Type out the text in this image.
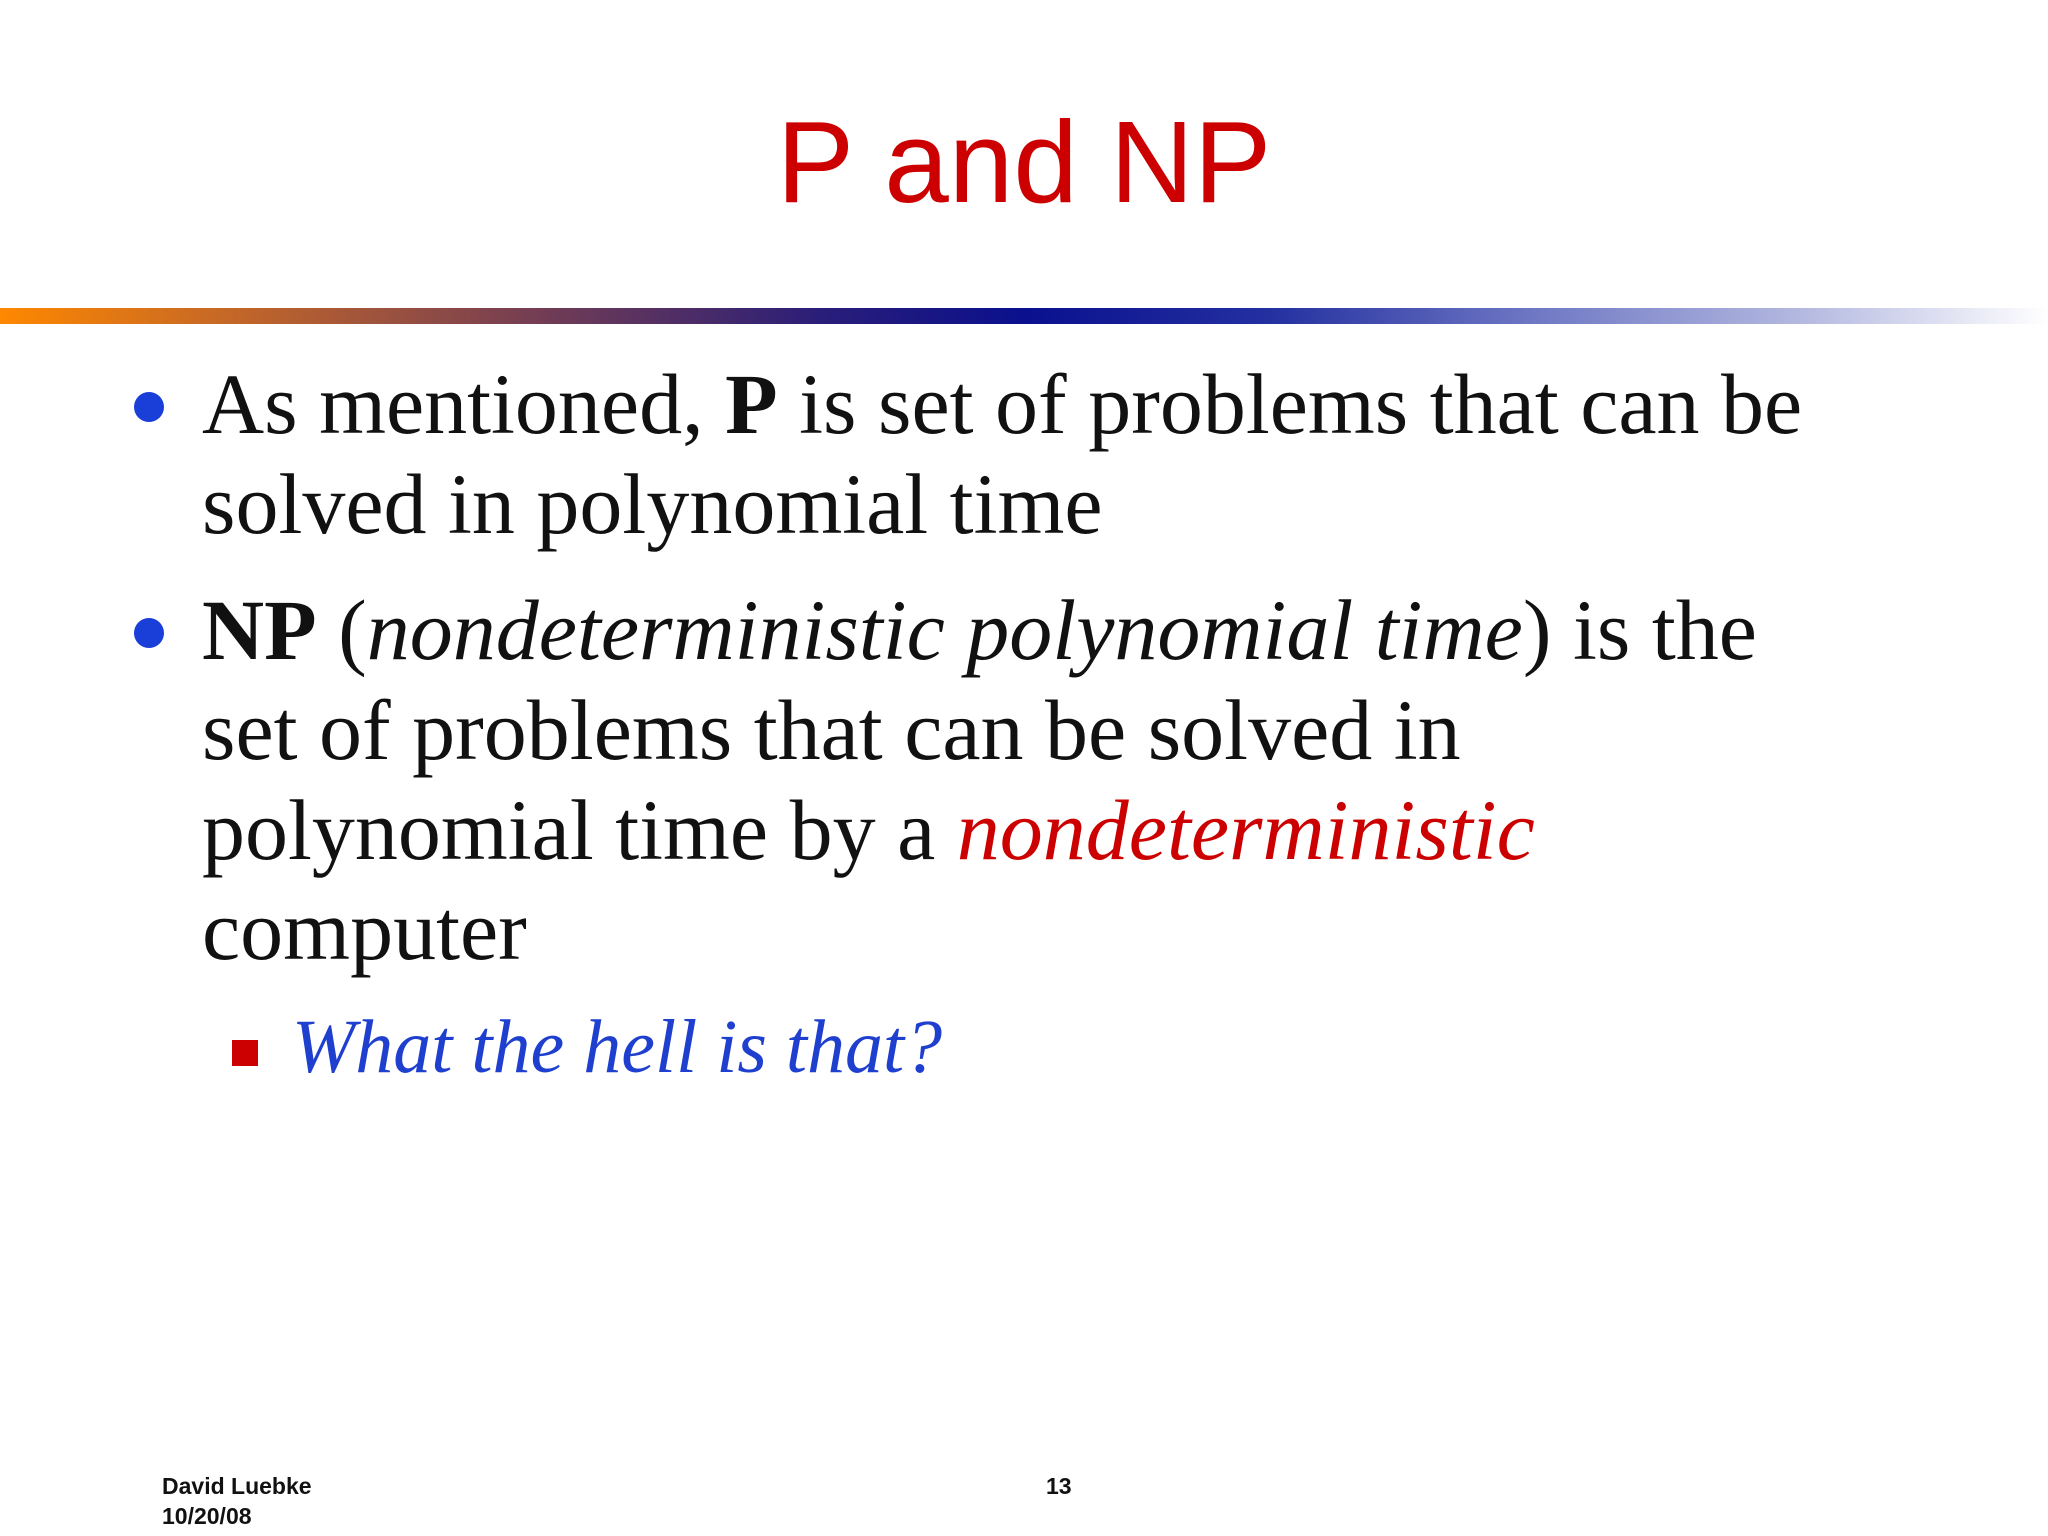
P and NP

As mentioned, P is set of problems that can be
solved in polynomial time

NP (nondeterministic polynomial time) is the
set of problems that can be solved in
polynomial time by a nondeterministic
computer

What the hell is that?

David Luebke
10/20/08
13
